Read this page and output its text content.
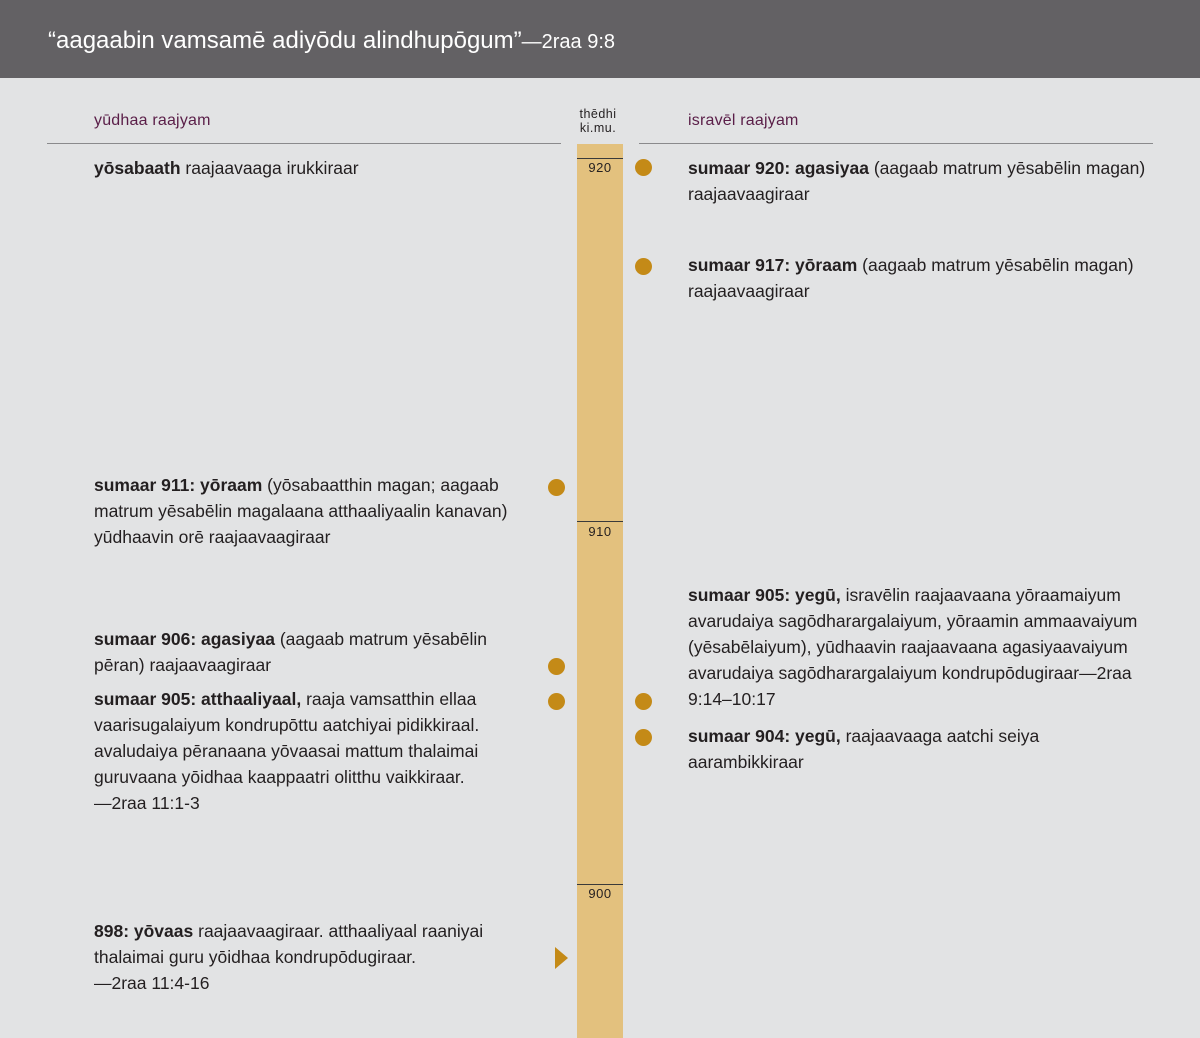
“aagaabin vamsamē adiyōdu alindhupōgum”—2raa 9:8
yūdhaa raajyam	isravēl raajyam
thēdhi
ki.mu.
920
910
900
yōsabaath raajaavaaga irukkiraar
sumaar 911: yōraam (yōsabaatthin magan; aagaab matrum yēsabēlin magalaana atthaaliyaalin kanavan) yūdhaavin orē raajaavaagiraar
sumaar 906: agasiyaa (aagaab matrum yēsabēlin pēran) raajaavaagiraar
sumaar 905: atthaaliyaal, raaja vamsatthin ellaa vaarisugalaiyum kondrupōttu aatchiyai pidikkiraal. avaludaiya pēranaana yōvaasai mattum thalaimai guruvaana yōidhaa kaappaatri olitthu vaikkiraar.
—2raa 11:1-3
898: yōvaas raajaavaagiraar. atthaaliyaal raaniyai thalaimai guru yōidhaa kondrupōdugiraar.
—2raa 11:4-16
sumaar 920: agasiyaa (aagaab matrum yēsabēlin magan) raajaavaagiraar
sumaar 917: yōraam (aagaab matrum yēsabēlin magan) raajaavaagiraar
sumaar 905: yegū, isravēlin raajaavaana yōraamaiyum avarudaiya sagōdharargalaiyum, yōraamin ammaavaiyum (yēsabēlaiyum), yūdhaavin raajaavaana agasiyaavaiyum avarudaiya sagōdharargalaiyum kondrupōdugiraar—2raa 9:14–10:17
sumaar 904: yegū, raajaavaaga aatchi seiya aarambikkiraar
